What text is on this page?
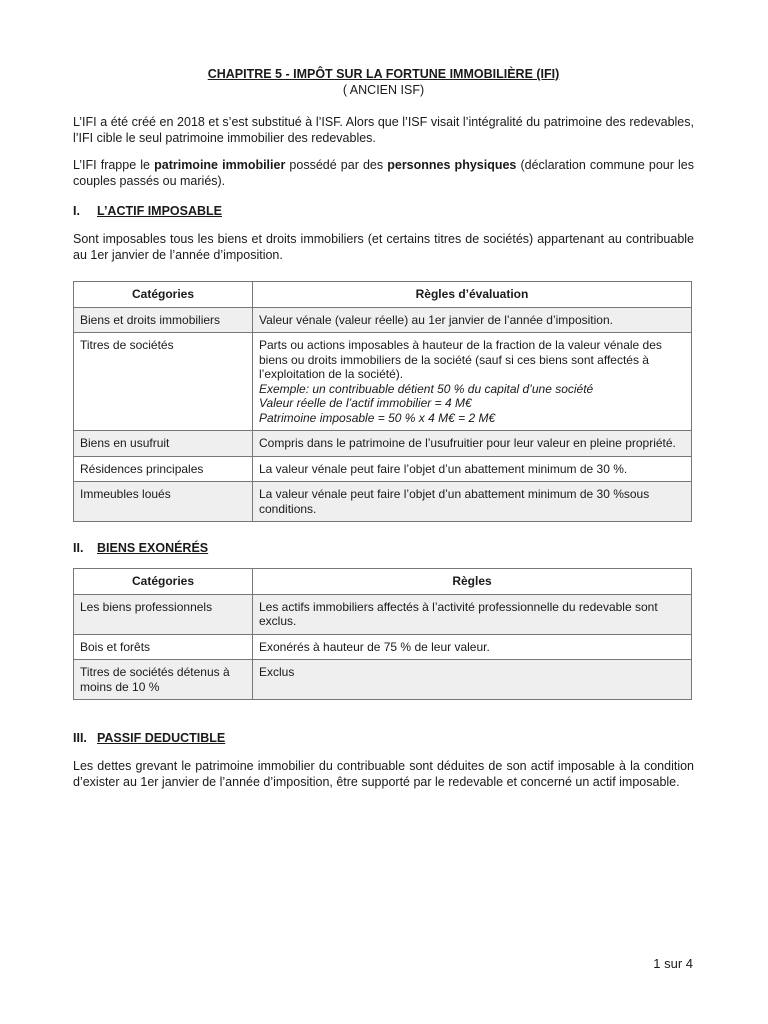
CHAPITRE 5 - IMPÔT SUR LA FORTUNE IMMOBILIÈRE (IFI)
( ANCIEN ISF)

L’IFI a été créé en 2018 et s’est substitué à l’ISF. Alors que l’ISF visait l’intégralité du patrimoine des redevables, l’IFI cible le seul patrimoine immobilier des redevables.

L’IFI frappe le patrimoine immobilier possédé par des personnes physiques (déclaration commune pour les couples passés ou mariés).

I. L’ACTIF IMPOSABLE

Sont imposables tous les biens et droits immobiliers (et certains titres de sociétés) appartenant au contribuable au 1er janvier de l’année d’imposition.

Catégories	Règles d’évaluation
Biens et droits immobiliers	Valeur vénale (valeur réelle) au 1er janvier de l’année d’imposition.
Titres de sociétés	Parts ou actions imposables à hauteur de la fraction de la valeur vénale des biens ou droits immobiliers de la société (sauf si ces biens sont affectés à l’exploitation de la société).
Exemple: un contribuable détient 50 % du capital d’une société
Valeur réelle de l’actif immobilier = 4 M€
Patrimoine imposable = 50 % x 4 M€ = 2 M€

Biens en usufruit	Compris dans le patrimoine de l’usufruitier pour leur valeur en pleine propriété.
Résidences principales	La valeur vénale peut faire l’objet d’un abattement minimum de 30 %.
Immeubles loués	La valeur vénale peut faire l’objet d’un abattement minimum de 30 %sous conditions.
II. BIENS EXONÉRÉS
Catégories	Règles
Les biens professionnels	Les actifs immobiliers affectés à l’activité professionnelle du redevable sont exclus.
Bois et forêts	Exonérés à hauteur de 75 % de leur valeur.
Titres de sociétés détenus à moins de 10 %	Exclus
III. PASSIF DEDUCTIBLE

Les dettes grevant le patrimoine immobilier du contribuable sont déduites de son actif imposable à la condition d’exister au 1er janvier de l’année d’imposition, être supporté par le redevable et concerné un actif imposable.

1 sur 4
